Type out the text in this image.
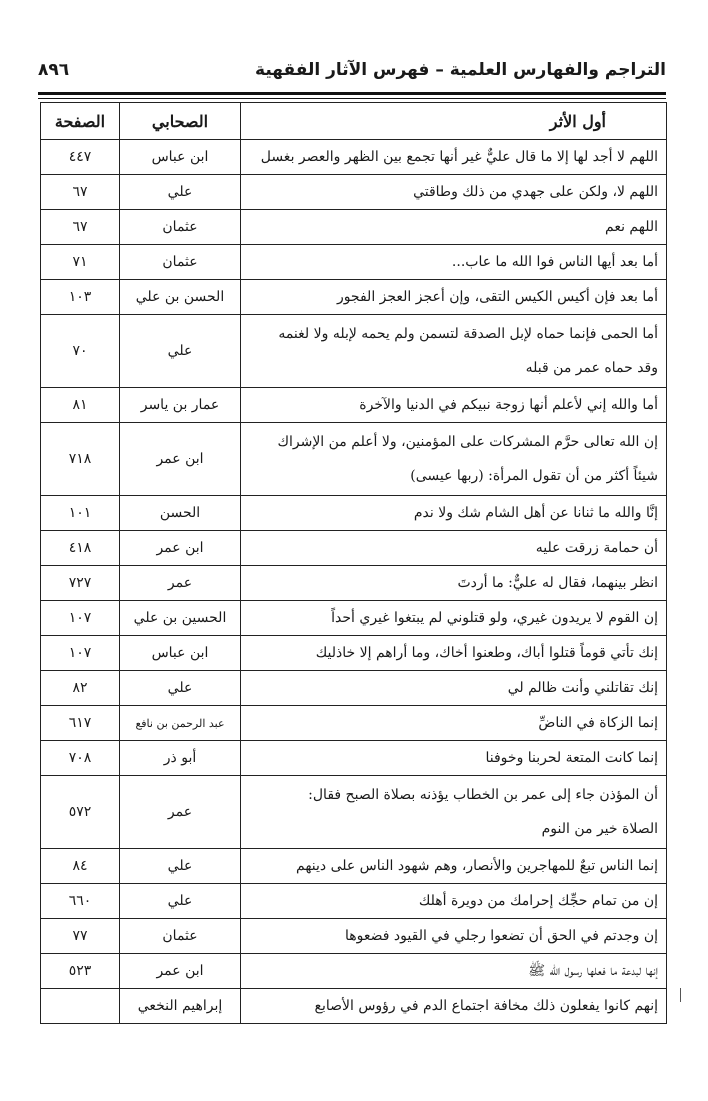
التراجم والفهارس العلمية – فهرس الآثار الفقهية
٨٩٦
أول الأثر	الصحابي	الصفحة

اللهم لا أجد لها إلا ما قال عليٌّ غير أنها تجمع بين الظهر والعصر بغسل	ابن عباس	٤٤٧

اللهم لا، ولكن على جهدي من ذلك وطاقتي	علي	٦٧

اللهم نعم	عثمان	٦٧

أما بعد أيها الناس فوا الله ما عاب...	عثمان	٧١

أما بعد فإن أكيس الكيس التقى، وإن أعجز العجز الفجور	الحسن بن علي	١٠٣

أما الحمى فإنما حماه لإبل الصدقة لتسمن ولم يحمه لإبله ولا لغنمه
وقد حماه عمر من قبله	علي	٧٠

أما والله إني لأعلم أنها زوجة نبيكم في الدنيا والآخرة	عمار بن ياسر	٨١

إن الله تعالى حرَّم المشركات على المؤمنين، ولا أعلم من الإشراك
شيئاً أكثر من أن تقول المرأة: (ربها عيسى)	ابن عمر	٧١٨

إنَّا والله ما ثنانا عن أهل الشام شك ولا ندم	الحسن	١٠١

أن حمامة زرقت عليه	ابن عمر	٤١٨

انظر بينهما، فقال له عليٌّ: ما أردتَ	عمر	٧٢٧

إن القوم لا يريدون غيري، ولو قتلوني لم يبتغوا غيري أحداً	الحسين بن علي	١٠٧

إنك تأتي قوماً قتلوا أباك، وطعنوا أخاك، وما أراهم إلا خاذليك	ابن عباس	١٠٧

إنك تقاتلني وأنت ظالم لي	علي	٨٢

إنما الزكاة في الناضِّ	عبد الرحمن بن نافع	٦١٧

إنما كانت المتعة لحربنا وخوفنا	أبو ذر	٧٠٨

أن المؤذن جاء إلى عمر بن الخطاب يؤذنه بصلاة الصبح فقال:
الصلاة خير من النوم	عمر	٥٧٢

إنما الناس تبعٌ للمهاجرين والأنصار، وهم شهود الناس على دينهم	علي	٨٤

إن من تمام حجِّك إحرامك من دويرة أهلك	علي	٦٦٠

إن وجدتم في الحق أن تضعوا رجلي في القيود فضعوها	عثمان	٧٧

إنها لبدعة ما فعلها رسول الله ﷺ	ابن عمر	٥٢٣

إنهم كانوا يفعلون ذلك مخافة اجتماع الدم في رؤوس الأصابع	إبراهيم النخعي	
